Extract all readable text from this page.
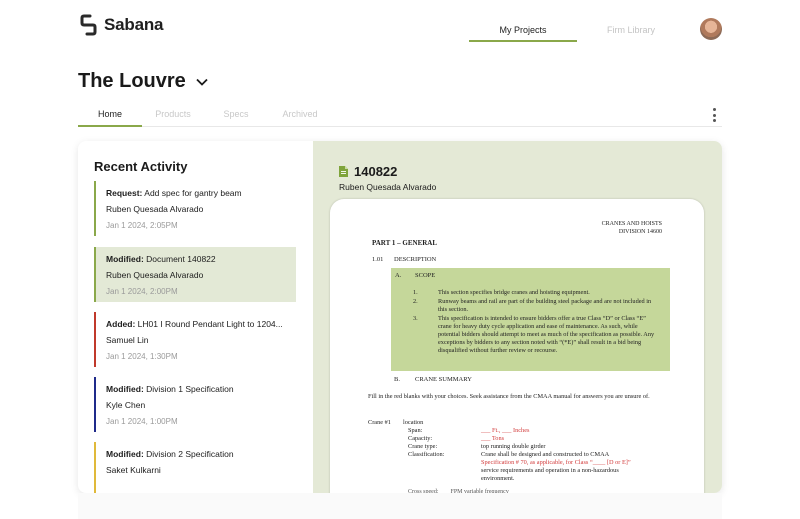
Sabana	My Projects	Firm Library
The Louvre
Home	Products	Specs	Archived
Recent Activity
Request: Add spec for gantry beam
Ruben Quesada Alvarado
Jan 1 2024, 2:05PM
Modified: Document 140822
Ruben Quesada Alvarado
Jan 1 2024, 2:00PM
Added: LH01 I Round Pendant Light to 1204...
Samuel Lin
Jan 1 2024, 1:30PM
Modified: Division 1 Specification
Kyle Chen
Jan 1 2024, 1:00PM
Modified: Division 2 Specification
Saket Kulkarni
140822
Ruben Quesada Alvarado
CRANES AND HOISTS
DIVISION 14600
PART 1 – GENERAL
1.01 DESCRIPTION
A.	SCOPE
1.	This section specifies bridge cranes and hoisting equipment.
2.	Runway beams and rail are part of the building steel package and are not included in this section.
3.	This specification is intended to ensure bidders offer a true Class “D” or Class “E” crane for heavy duty cycle application and ease of maintenance. As such, while potential bidders should attempt to meet as much of the specification as possible. Any exceptions by bidders to any section noted with “(*E)” shall result in a bid being disqualified without further review or recourse.
B.	CRANE SUMMARY
Fill in the red blanks with your choices. Seek assistance from the CMAA manual for answers you are unsure of.
Crane #1	location
Span:	___ Ft., ___ Inches
Capacity:	___ Tons
Crane type:	top running double girder
Classification:	Crane shall be designed and constructed to CMAA
Specification # 70, as applicable, for Class “____ [D or E]”
service requirements and operation in a non-hazardous
environment.
Cross speed: ___ FPM variable frequency
